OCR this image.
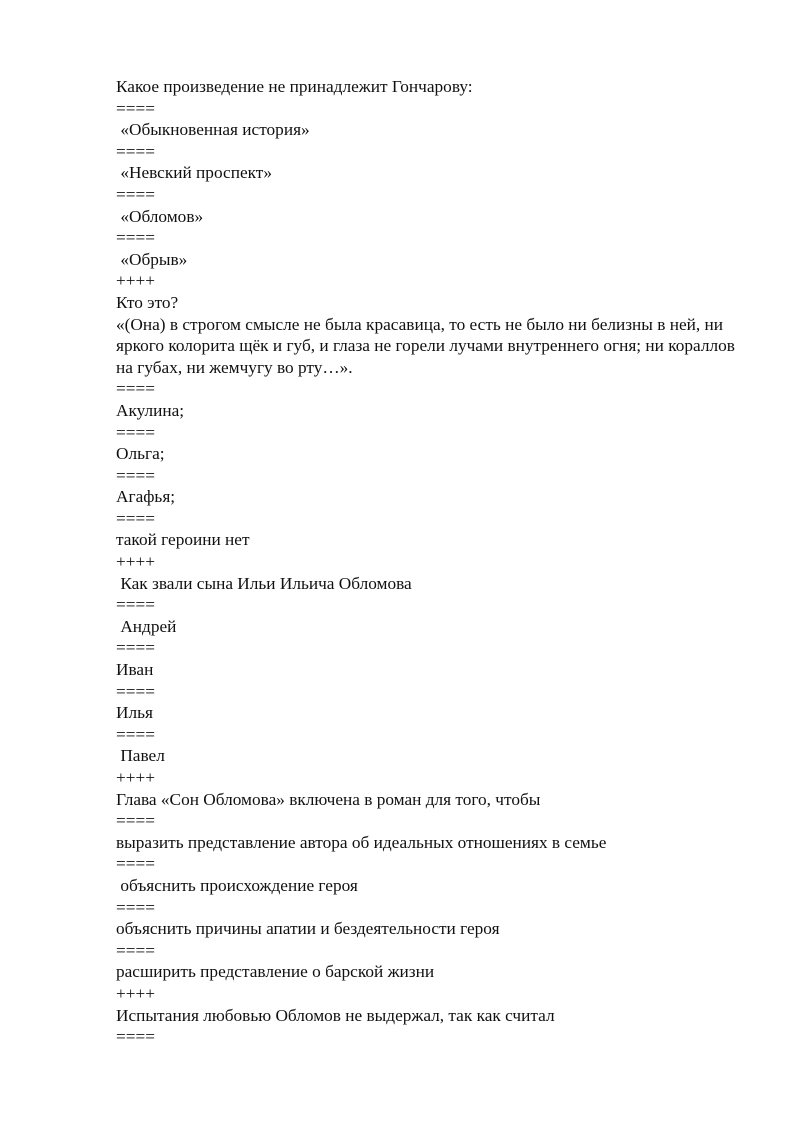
Какое произведение не принадлежит Гончарову:

====

«Обыкновенная история»

====

«Невский проспект»

====

«Обломов»

====

«Обрыв»

++++

Кто это?

«(Она) в строгом смысле не была красавица, то есть не было ни белизны в ней, ни яркого колорита щёк и губ, и глаза не горели лучами внутреннего огня; ни кораллов на губах, ни жемчугу во рту…».

====

Акулина;

====

Ольга;

====

Агафья;

====

такой героини нет

++++

Как звали сына Ильи Ильича Обломова

====

Андрей

====

Иван

====

Илья

====

Павел

++++

Глава «Сон Обломова» включена в роман для того, чтобы

====

выразить представление автора об идеальных отношениях в семье

====

объяснить происхождение героя

====

объяснить причины апатии и бездеятельности героя

====

расширить представление о барской жизни

++++

Испытания любовью Обломов не выдержал, так как считал

====
